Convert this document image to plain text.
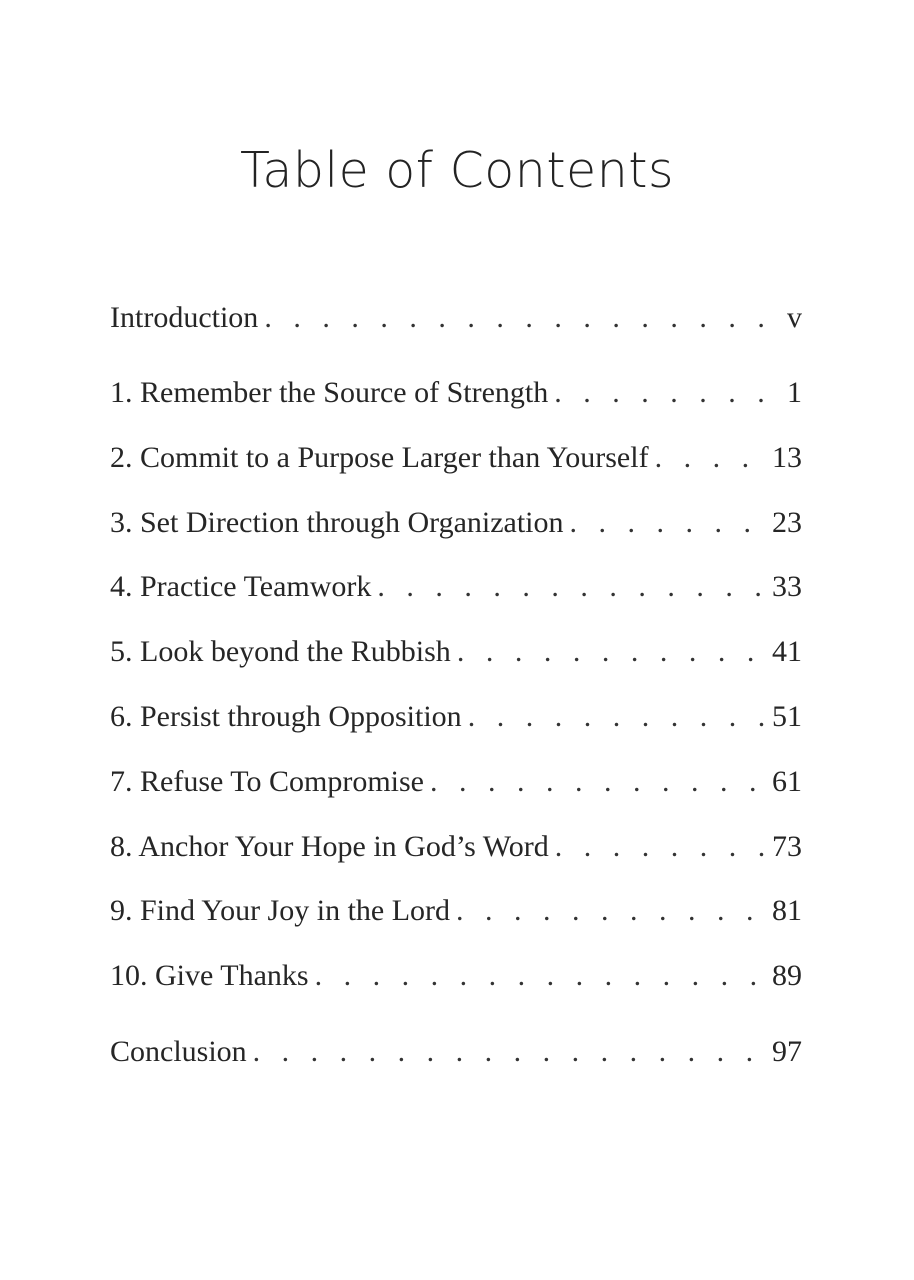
Table of Contents
Introduction . . .	v
1. Remember the Source of Strength . . .	1
2. Commit to a Purpose Larger than Yourself . . .	13
3. Set Direction through Organization . . .	23
4. Practice Teamwork . . .	33
5. Look beyond the Rubbish . . .	41
6. Persist through Opposition . . .	51
7. Refuse To Compromise . . .	61
8. Anchor Your Hope in God’s Word . . .	73
9. Find Your Joy in the Lord . . .	81
10. Give Thanks . . .	89
Conclusion . . .	97
